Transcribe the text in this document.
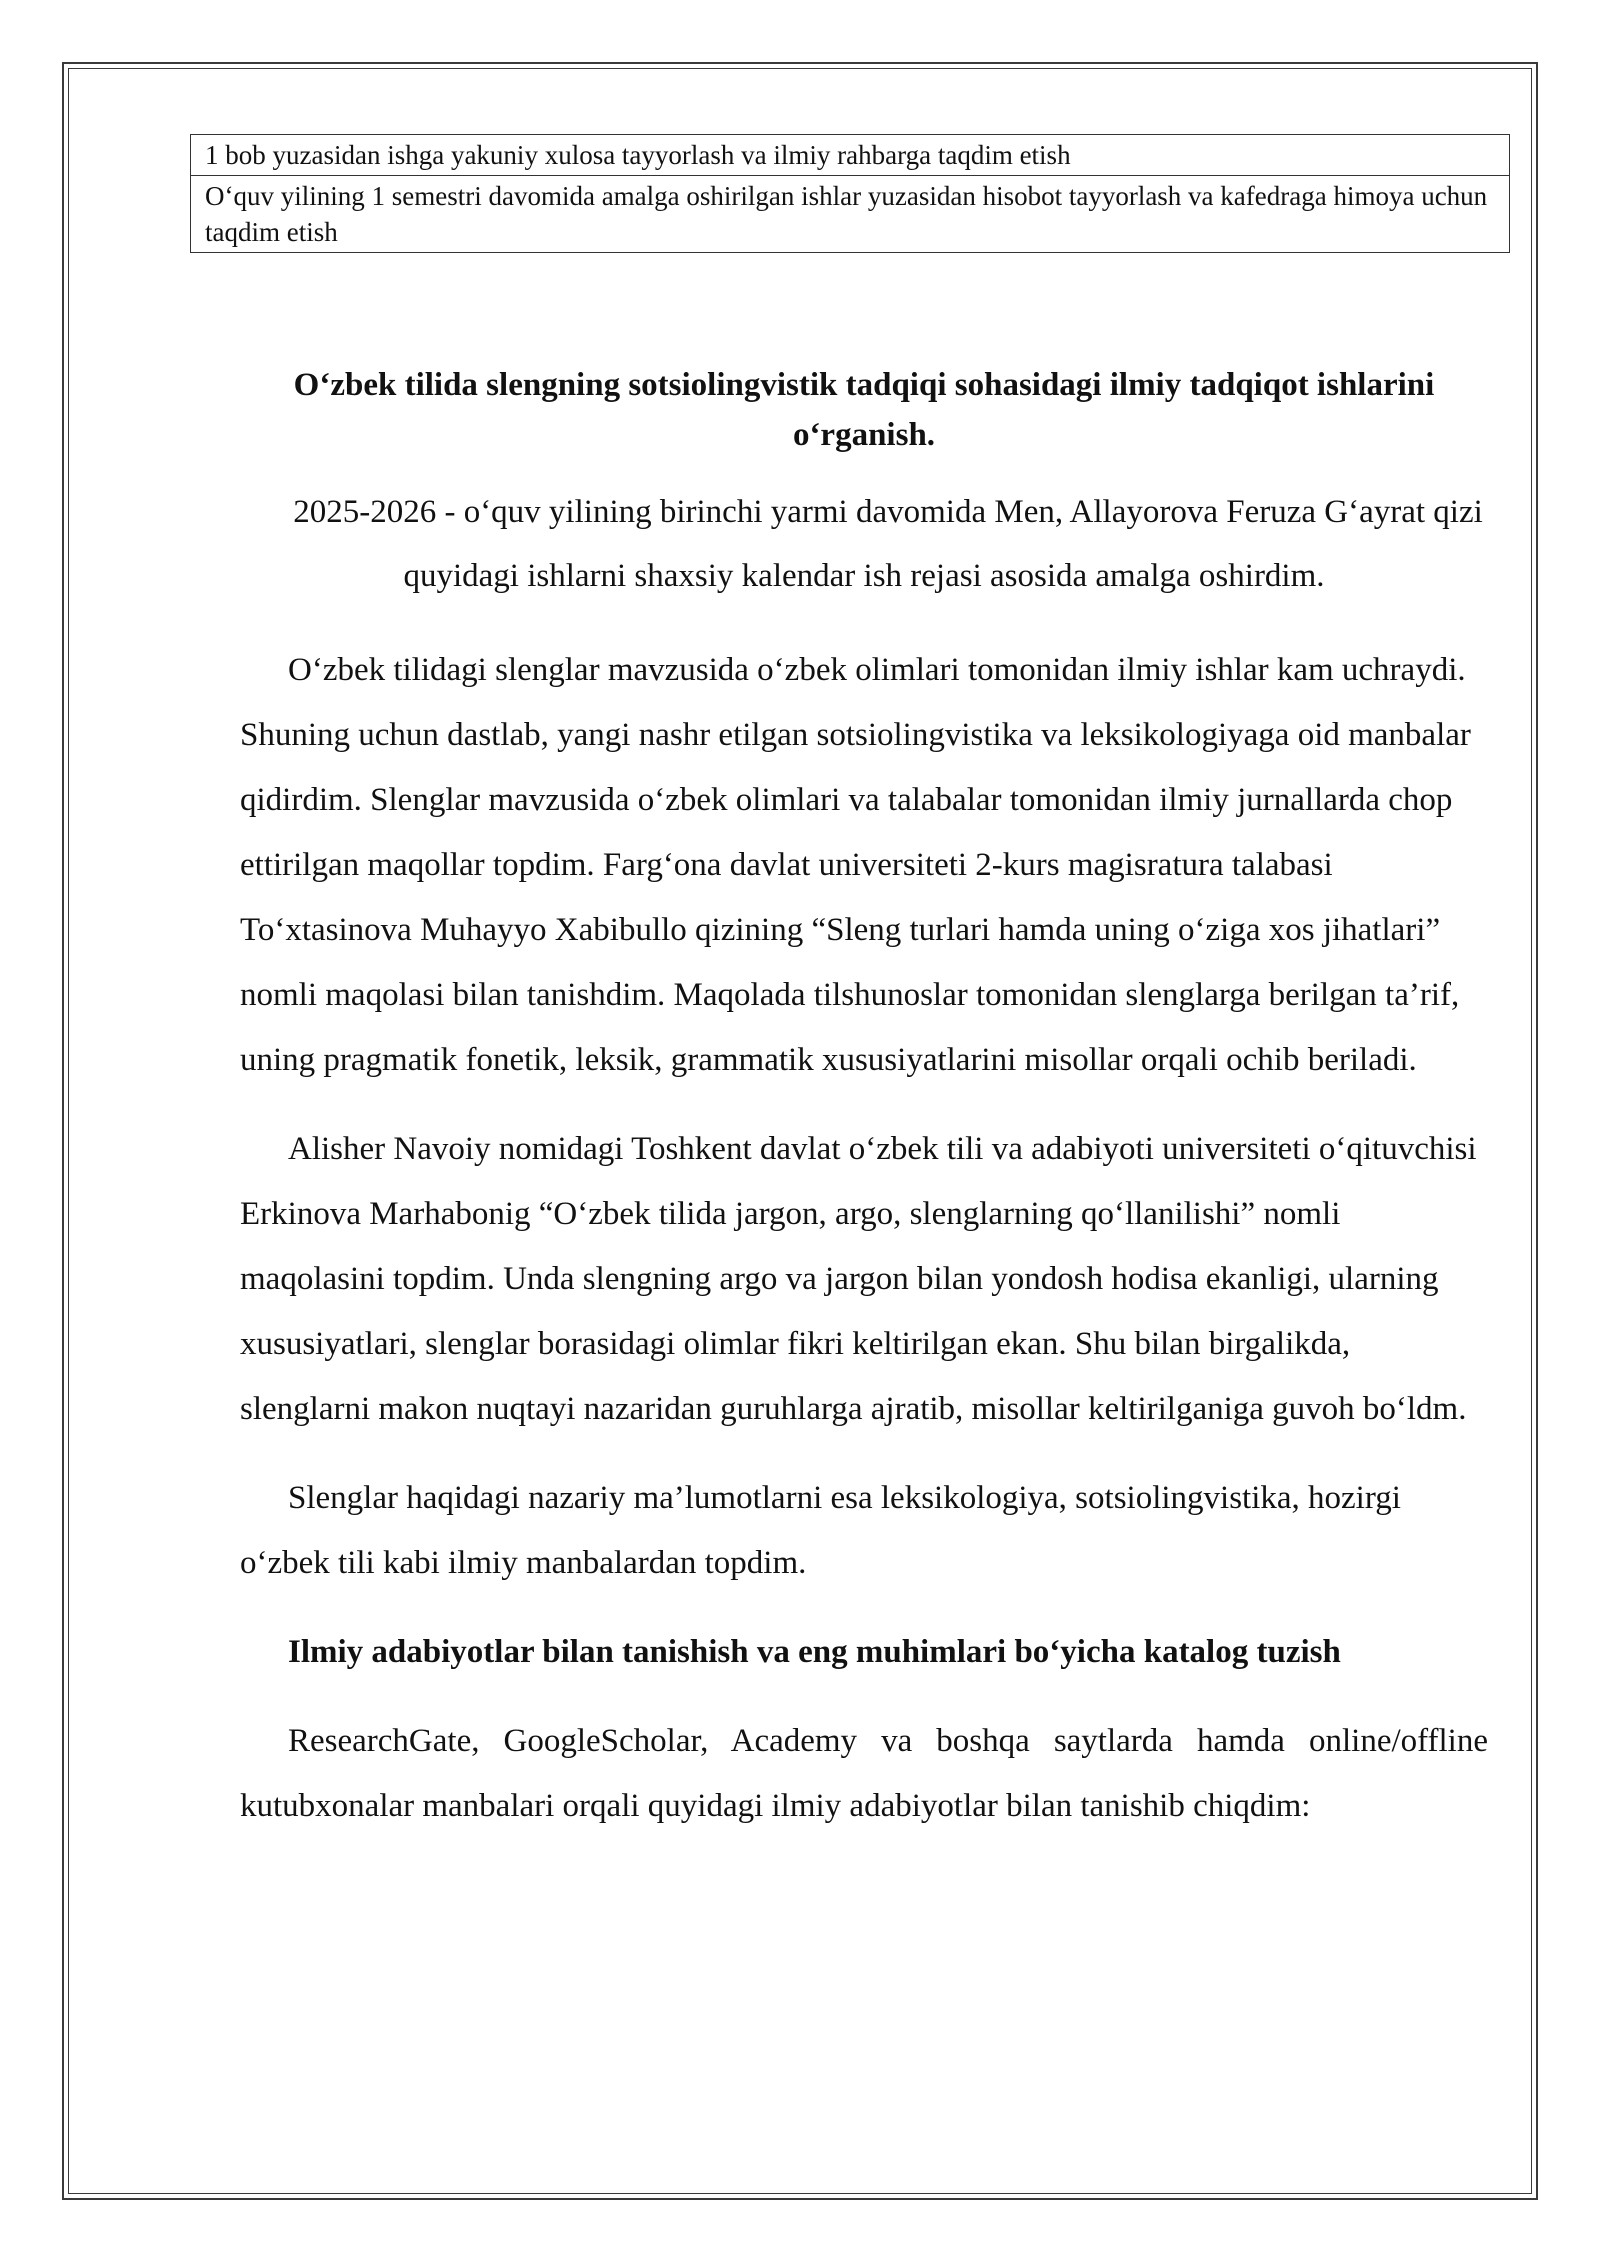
1 bob yuzasidan ishga yakuniy xulosa tayyorlash va ilmiy rahbarga taqdim etish
O‘quv yilining 1 semestri davomida amalga oshirilgan ishlar yuzasidan hisobot tayyorlash va kafedraga himoya uchun taqdim etish
O‘zbek tilida slengning sotsiolingvistik tadqiqi sohasidagi ilmiy tadqiqot ishlarini o‘rganish.

2025-2026 - o‘quv yilining birinchi yarmi davomida Men, Allayorova Feruza G‘ayrat qizi quyidagi ishlarni shaxsiy kalendar ish rejasi asosida amalga oshirdim.

O‘zbek tilidagi slenglar mavzusida o‘zbek olimlari tomonidan ilmiy ishlar kam uchraydi. Shuning uchun dastlab, yangi nashr etilgan sotsiolingvistika va leksikologiyaga oid manbalar qidirdim. Slenglar mavzusida o‘zbek olimlari va talabalar tomonidan ilmiy jurnallarda chop ettirilgan maqollar topdim. Farg‘ona davlat universiteti 2-kurs magisratura talabasi To‘xtasinova Muhayyo Xabibullo qizining “Sleng turlari hamda uning o‘ziga xos jihatlari” nomli maqolasi bilan tanishdim. Maqolada tilshunoslar tomonidan slenglarga berilgan ta’rif, uning pragmatik fonetik, leksik, grammatik xususiyatlarini misollar orqali ochib beriladi.

Alisher Navoiy nomidagi Toshkent davlat o‘zbek tili va adabiyoti universiteti o‘qituvchisi Erkinova Marhabonig “O‘zbek tilida jargon, argo, slenglarning qo‘llanilishi” nomli maqolasini topdim. Unda slengning argo va jargon bilan yondosh hodisa ekanligi, ularning xususiyatlari, slenglar borasidagi olimlar fikri keltirilgan ekan. Shu bilan birgalikda, slenglarni makon nuqtayi nazaridan guruhlarga ajratib, misollar keltirilganiga guvoh bo‘ldm.

Slenglar haqidagi nazariy ma’lumotlarni esa leksikologiya, sotsiolingvistika, hozirgi o‘zbek tili kabi ilmiy manbalardan topdim.

Ilmiy adabiyotlar bilan tanishish va eng muhimlari bo‘yicha katalog tuzish

ResearchGate, GoogleScholar, Academy va boshqa saytlarda hamda online/offline kutubxonalar manbalari orqali quyidagi ilmiy adabiyotlar bilan tanishib chiqdim:
